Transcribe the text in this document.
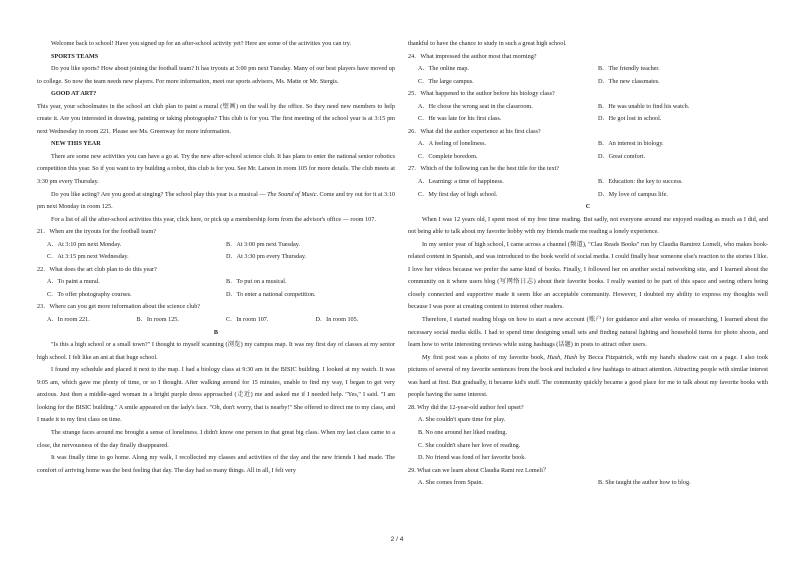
Welcome back to school! Have you signed up for an after-school activity yet? Here are some of the activities you can try.

SPORTS TEAMS

Do you like sports? How about joining the football team? It has tryouts at 3:00 pm next Tuesday. Many of our best players have moved up to college. So now the team needs new players. For more information, meet our sports advisors, Ms. Matte or Mr. Stergis.

GOOD AT ART?

This year, your schoolmates in the school art club plan to paint a mural (壁画) on the wall by the office. So they need new members to help create it. Are you interested in drawing, painting or taking photographs? This club is for you. The first meeting of the school year is at 3:15 pm next Wednesday in room 221. Please see Ms. Greenway for more information.

NEW THIS YEAR

There are some new activities you can have a go at. Try the new after-school science club. It has plans to enter the national senior robotics competition this year. So if you want to try building a robot, this club is for you. See Mr. Larson in room 105 for more details. The club meets at 3:30 pm every Thursday.

Do you like acting? Are you good at singing? The school play this year is a musical — The Sound of Music. Come and try out for it at 3:10 pm next Monday in room 125.

For a list of all the after-school activities this year, click here, or pick up a membership form from the advisor's office — room 107.

21．When are the tryouts for the football team?

A．At 3:10 pm next Monday.	B．At 3:00 pm next Tuesday.
C．At 3:15 pm next Wednesday.	D．At 3:30 pm every Thursday.

22．What does the art club plan to do this year?

A．To paint a mural.	B．To put on a musical.
C．To offer photography courses.	D．To enter a national competition.

23．Where can you get more information about the science club?

A．In room 221.	B．In room 125.	C．In room 107.	D．In room 105.

B

"Is this a high school or a small town?" I thought to myself scanning (浏览) my campus map. It was my first day of classes at my senior high school. I felt like an ant at that huge school.

I found my schedule and placed it next to the map. I had a biology class at 9:30 am in the BISIC building. I looked at my watch. It was 9:05 am, which gave me plenty of time, or so I thought. After walking around for 15 minutes, unable to find my way, I began to get very anxious. Just then a middle-aged woman in a bright purple dress approached (走近) me and asked me if I needed help. "Yes," I said. "I am looking for the BISIC building." A smile appeared on the lady's face. "Oh, don't worry, that is nearby!" She offered to direct me to my class, and I made it to my first class on time.

The strange faces around me brought a sense of loneliness. I didn't know one person in that great big class. When my last class came to a close, the nervousness of the day finally disappeared.

It was finally time to go home. Along my walk, I recollected my classes and activities of the day and the new friends I had made. The comfort of arriving home was the best feeling that day. The day had so many things. All in all, I felt very

thankful to have the chance to study in such a great high school.

24．What impressed the author most that morning?

A．The online map.	B．The friendly teacher.
C．The large campus.	D．The new classmates.

25．What happened to the author before his biology class?

A．He chose the wrong seat in the classroom.	B．He was unable to find his watch.
C．He was late for his first class.	D．He got lost in school.

26．What did the author experience at his first class?

A．A feeling of loneliness.	B．An interest in biology.
C．Complete boredom.	D．Great comfort.

27．Which of the following can be the best title for the text?

A．Learning: a time of happiness.	B．Education: the key to success.
C．My first day of high school.	D．My love of campus life.

C

When I was 12 years old, I spent most of my free time reading. But sadly, not everyone around me enjoyed reading as much as I did, and not being able to talk about my favorite hobby with my friends made me reading a lonely experience.

In my senior year of high school, I came across a channel (频道), "Clau Reads Books" run by Claudia Ramirez Lomeli, who makes book-related content in Spanish, and was introduced to the book world of social media. I could finally hear someone else's reaction to the stories I like. I love her videos because we prefer the same kind of books. Finally, I followed her on another social networking site, and I learned about the community on it where users blog (写网络日志) about their favorite books. I really wanted to be part of this space and seeing others being closely connected and supportive made it seem like an acceptable community. However, I doubted my ability to express my thoughts well because I was poor at creating content to interest other readers.

Therefore, I started reading blogs on how to start a new account (账户) for guidance and after weeks of researching, I learned about the necessary social media skills. I had to spend time designing small sets and finding natural lighting and household items for photo shoots, and learn how to write interesting reviews while using hashtags (话题) in posts to attract other users.

My first post was a photo of my favorite book, Hush, Hush by Becca Fitzpatrick, with my hand's shadow cast on a page. I also took pictures of several of my favorite sentences from the book and included a few hashtags to attract attention. Attracting people with similar interest was hard at first. But gradually, it became kid's stuff. The community quickly became a good place for me to talk about my favorite books with people having the same interest.

28. Why did the 12-year-old author feel upset?

A. She couldn't spare time for play.
B. No one around her liked reading.
C. She couldn't share her love of reading.
D. No friend was fond of her favorite book.

29. What can we learn about Claudia Rami rez Lomeli？

A. She comes from Spain.	B. She taught the author how to blog.
2 / 4
